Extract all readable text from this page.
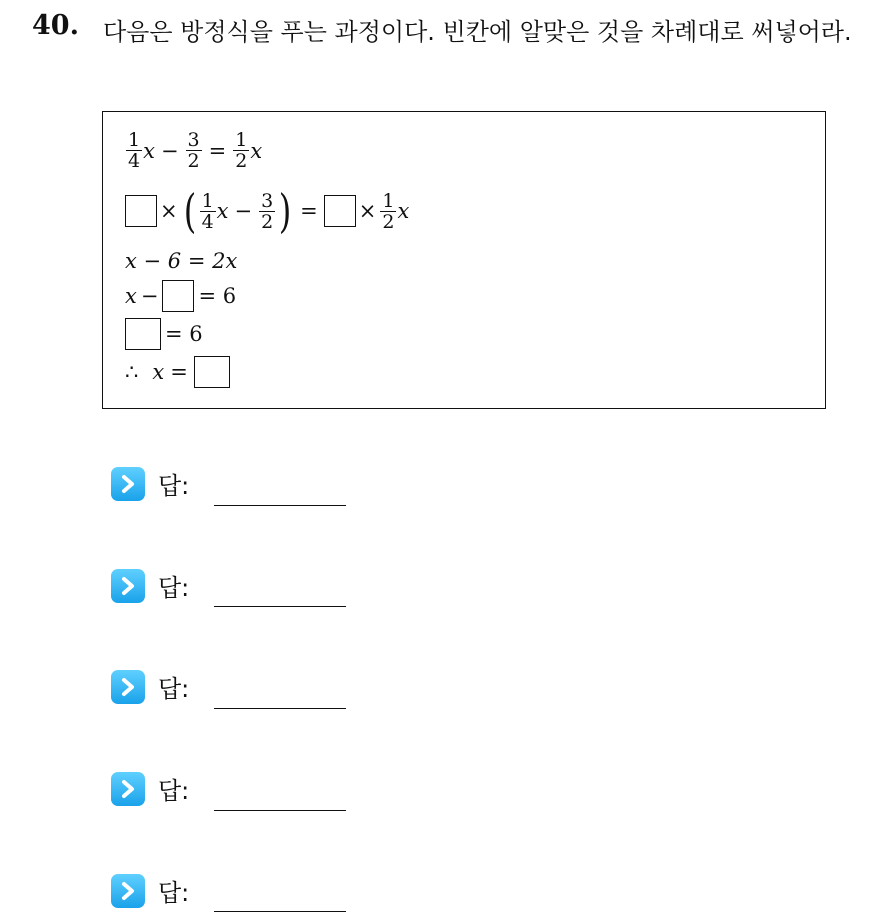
40. 다음은 방정식을 푸는 과정이다. 빈칸에 알맞은 것을 차례대로 써넣어라.
$\frac{1}{4}$ $x - \frac{3}{2} = \frac{1}{2}$ x
× ( $\frac{1}{4}$ $x - \frac{3}{2}$ ) = × $\frac{1}{2}$ x
x − 6 = 2x
x − = 6
= 6
∴ x =
답:
답:
답:
답:
답:
